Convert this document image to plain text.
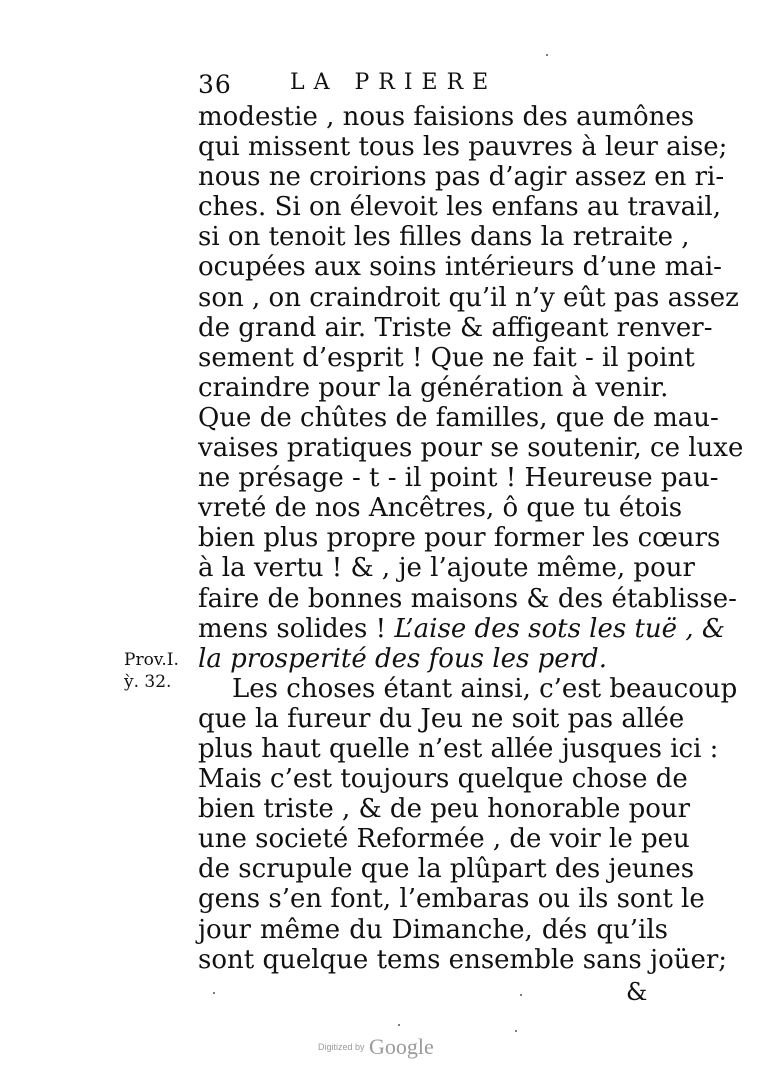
36	LA PRIERE
modestie , nous faisions des aumônes
qui missent tous les pauvres à leur aise;
nous ne croirions pas d’agir assez en ri-
ches. Si on élevoit les enfans au travail,
si on tenoit les filles dans la retraite ,
ocupées aux soins intérieurs d’une mai-
son , on craindroit qu’il n’y eût pas assez
de grand air. Triste & affigeant renver-
sement d’esprit ! Que ne fait - il point
craindre pour la génération à venir.
Que de chûtes de familles, que de mau-
vaises pratiques pour se soutenir, ce luxe
ne présage - t - il point ! Heureuse pau-
vreté de nos Ancêtres, ô que tu étois
bien plus propre pour former les cœurs
à la vertu ! & , je l’ajoute même, pour
faire de bonnes maisons & des établisse-
mens solides ! L’aise des sots les tuë , &
la prosperité des fous les perd.
Les choses étant ainsi, c’est beaucoup
que la fureur du Jeu ne soit pas allée
plus haut quelle n’est allée jusques ici :
Mais c’est toujours quelque chose de
bien triste , & de peu honorable pour
une societé Reformée , de voir le peu
de scrupule que la plûpart des jeunes
gens s’en font, l’embaras ou ils sont le
jour même du Dimanche, dés qu’ils
sont quelque tems ensemble sans joüer;
Prov.I.
ỳ. 32.
&
Digitized by Google
